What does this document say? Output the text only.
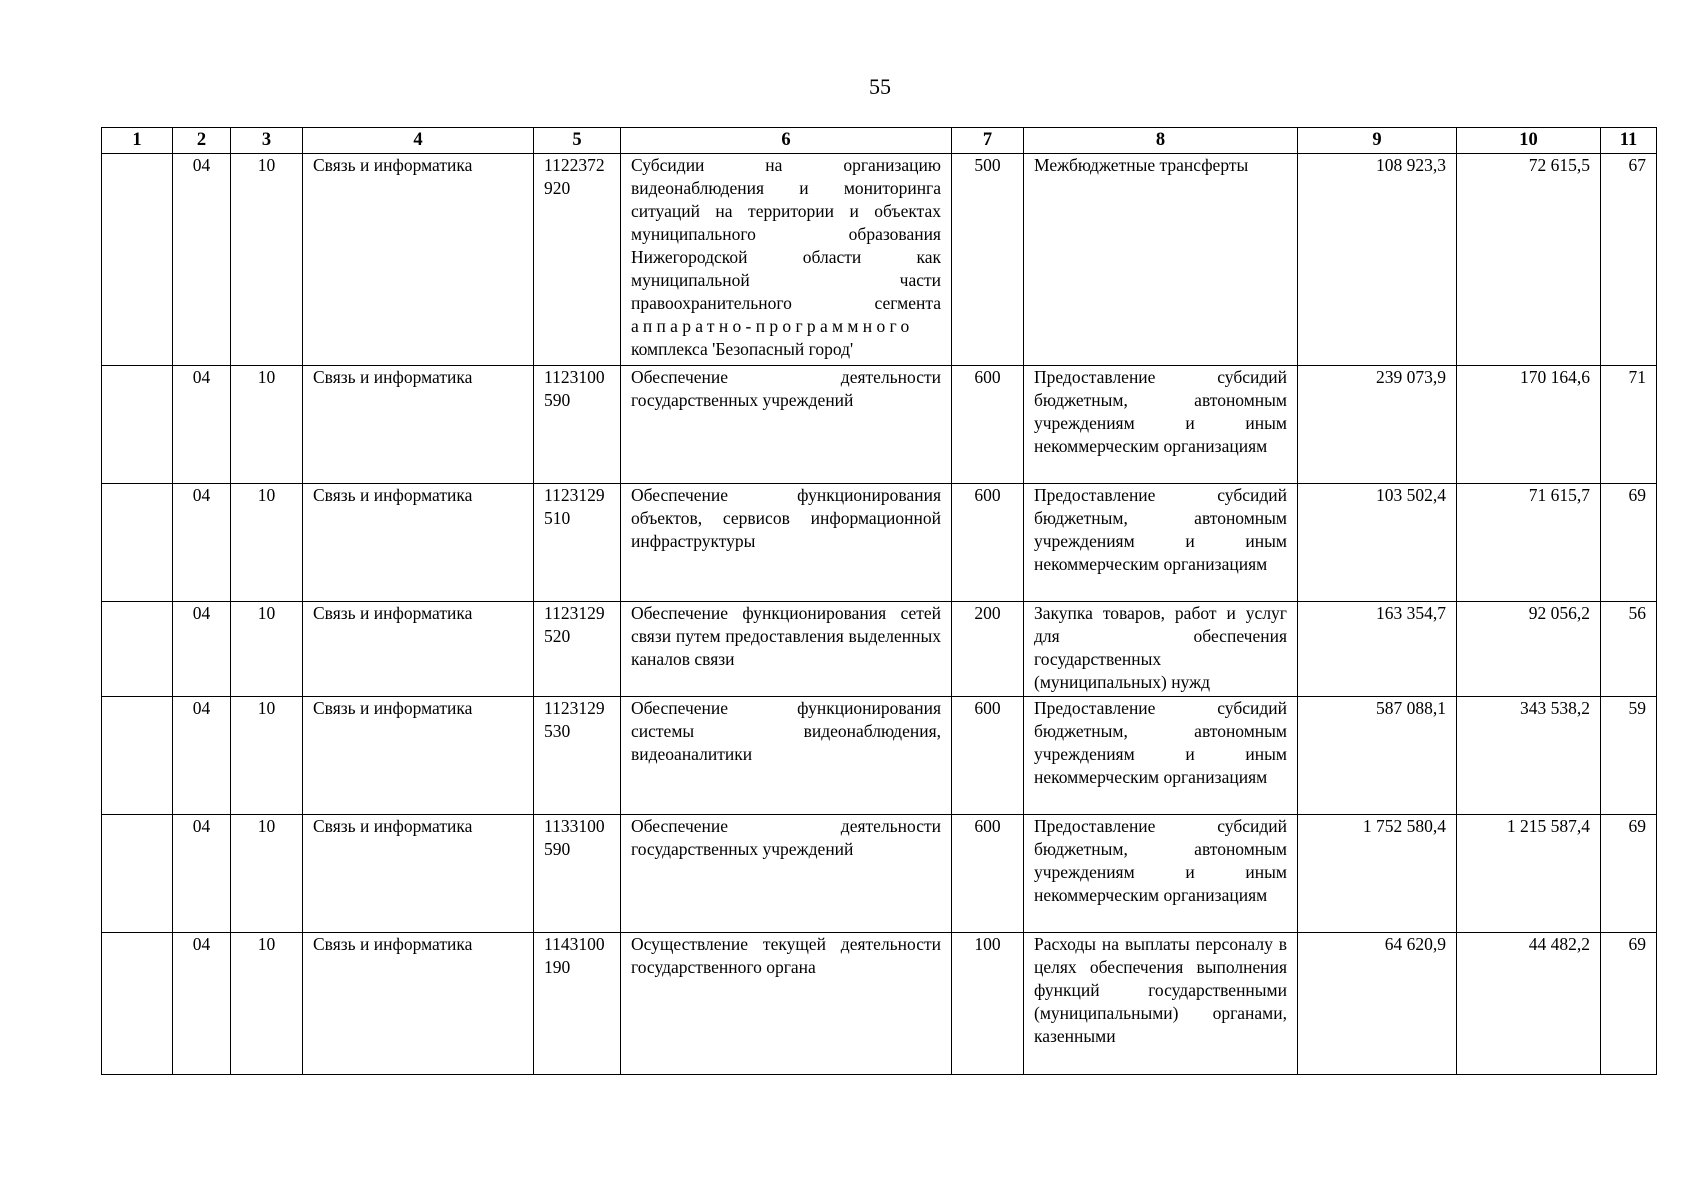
55
1	2	3	4	5	6	7	8	9	10	11
	04	10	Связь и информатика	1122372920	Субсидии на организацию видеонаблюдения и мониторинга ситуаций на территории и объектах муниципального образования Нижегородской области как муниципальной части правоохранительного сегмента аппаратно-программного комплекса 'Безопасный город'	500	Межбюджетные трансферты	108 923,3	72 615,5	67
	04	10	Связь и информатика	1123100590	Обеспечение деятельности государственных учреждений	600	Предоставление субсидий бюджетным, автономным учреждениям и иным некоммерческим организациям	239 073,9	170 164,6	71
	04	10	Связь и информатика	1123129510	Обеспечение функционирования объектов, сервисов информационной инфраструктуры	600	Предоставление субсидий бюджетным, автономным учреждениям и иным некоммерческим организациям	103 502,4	71 615,7	69
	04	10	Связь и информатика	1123129520	Обеспечение функционирования сетей связи путем предоставления выделенных каналов связи	200	Закупка товаров, работ и услуг для обеспечения государственных (муниципальных) нужд	163 354,7	92 056,2	56
	04	10	Связь и информатика	1123129530	Обеспечение функционирования системы видеонаблюдения, видеоаналитики	600	Предоставление субсидий бюджетным, автономным учреждениям и иным некоммерческим организациям	587 088,1	343 538,2	59
	04	10	Связь и информатика	1133100590	Обеспечение деятельности государственных учреждений	600	Предоставление субсидий бюджетным, автономным учреждениям и иным некоммерческим организациям	1 752 580,4	1 215 587,4	69
	04	10	Связь и информатика	1143100190	Осуществление текущей деятельности государственного органа	100	Расходы на выплаты персоналу в целях обеспечения выполнения функций государственными (муниципальными) органами, казенными	64 620,9	44 482,2	69
